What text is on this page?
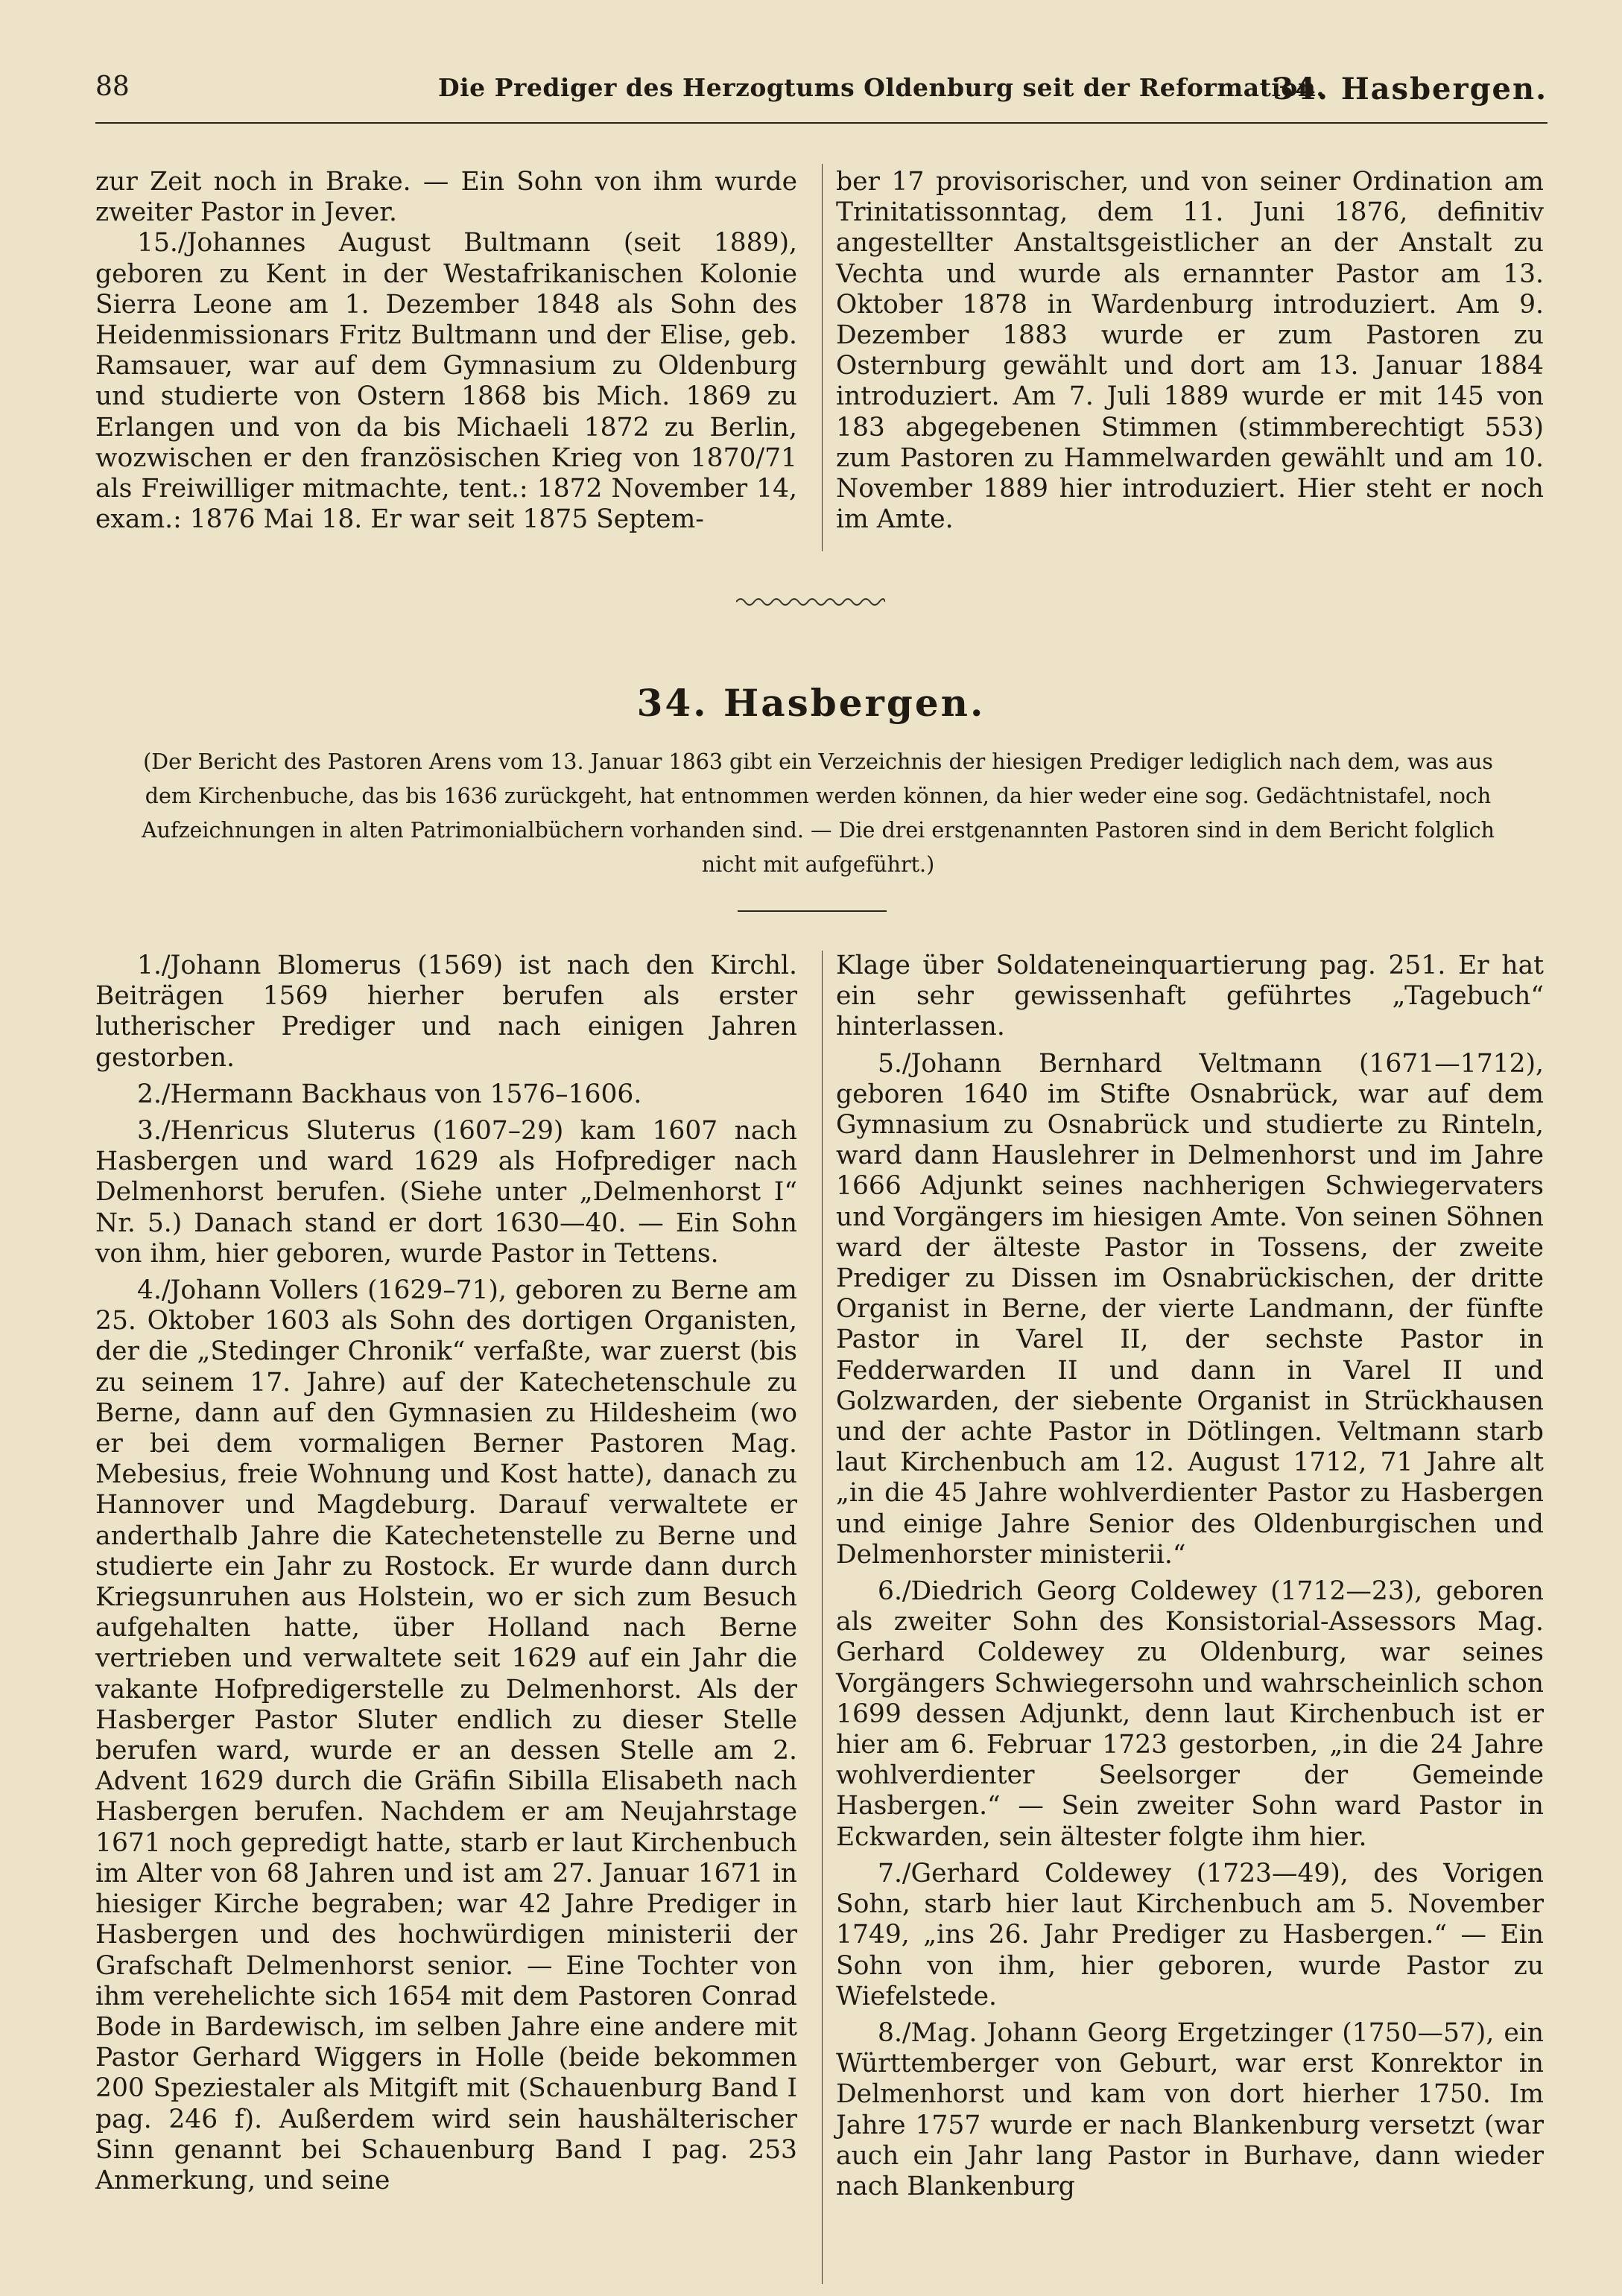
88	Die Prediger des Herzogtums Oldenburg seit der Reformation.
34. Hasbergen.

zur Zeit noch in Brake. — Ein Sohn von ihm wurde zweiter Pastor in Jever.

15./Johannes August Bultmann (seit 1889), geboren zu Kent in der Westafrikanischen Kolonie Sierra Leone am 1. Dezember 1848 als Sohn des Heidenmissionars Fritz Bultmann und der Elise, geb. Ramsauer, war auf dem Gymnasium zu Oldenburg und studierte von Ostern 1868 bis Mich. 1869 zu Erlangen und von da bis Michaeli 1872 zu Berlin, wozwischen er den französischen Krieg von 1870/71 als Freiwilliger mitmachte, tent.: 1872 November 14, exam.: 1876 Mai 18. Er war seit 1875 Septem-

ber 17 provisorischer, und von seiner Ordination am Trinitatissonntag, dem 11. Juni 1876, definitiv angestellter Anstaltsgeistlicher an der Anstalt zu Vechta und wurde als ernannter Pastor am 13. Oktober 1878 in Wardenburg introduziert. Am 9. Dezember 1883 wurde er zum Pastoren zu Osternburg gewählt und dort am 13. Januar 1884 introduziert. Am 7. Juli 1889 wurde er mit 145 von 183 abgegebenen Stimmen (stimmberechtigt 553) zum Pastoren zu Hammelwarden gewählt und am 10. November 1889 hier introduziert. Hier steht er noch im Amte.

34. Hasbergen.
(Der Bericht des Pastoren Arens vom 13. Januar 1863 gibt ein Verzeichnis der hiesigen Prediger lediglich nach dem, was aus dem Kirchenbuche, das bis 1636 zurückgeht, hat entnommen werden können, da hier weder eine sog. Gedächtnistafel, noch Aufzeichnungen in alten Patrimonialbüchern vorhanden sind. — Die drei erstgenannten Pastoren sind in dem Bericht folglich nicht mit aufgeführt.)

1./Johann Blomerus (1569) ist nach den Kirchl. Beiträgen 1569 hierher berufen als erster lutherischer Prediger und nach einigen Jahren gestorben.

2./Hermann Backhaus von 1576–1606.

3./Henricus Sluterus (1607–29) kam 1607 nach Hasbergen und ward 1629 als Hofprediger nach Delmenhorst berufen. (Siehe unter „Delmenhorst I“ Nr. 5.) Danach stand er dort 1630—40. — Ein Sohn von ihm, hier geboren, wurde Pastor in Tettens.

4./Johann Vollers (1629–71), geboren zu Berne am 25. Oktober 1603 als Sohn des dortigen Organisten, der die „Stedinger Chronik“ verfaßte, war zuerst (bis zu seinem 17. Jahre) auf der Katechetenschule zu Berne, dann auf den Gymnasien zu Hildesheim (wo er bei dem vormaligen Berner Pastoren Mag. Mebesius, freie Wohnung und Kost hatte), danach zu Hannover und Magdeburg. Darauf verwaltete er anderthalb Jahre die Katechetenstelle zu Berne und studierte ein Jahr zu Rostock. Er wurde dann durch Kriegsunruhen aus Holstein, wo er sich zum Besuch aufgehalten hatte, über Holland nach Berne vertrieben und verwaltete seit 1629 auf ein Jahr die vakante Hofpredigerstelle zu Delmenhorst. Als der Hasberger Pastor Sluter endlich zu dieser Stelle berufen ward, wurde er an dessen Stelle am 2. Advent 1629 durch die Gräfin Sibilla Elisabeth nach Hasbergen berufen. Nachdem er am Neujahrstage 1671 noch gepredigt hatte, starb er laut Kirchenbuch im Alter von 68 Jahren und ist am 27. Januar 1671 in hiesiger Kirche begraben; war 42 Jahre Prediger in Hasbergen und des hochwürdigen ministerii der Grafschaft Delmenhorst senior. — Eine Tochter von ihm verehelichte sich 1654 mit dem Pastoren Conrad Bode in Bardewisch, im selben Jahre eine andere mit Pastor Gerhard Wiggers in Holle (beide bekommen 200 Speziestaler als Mitgift mit (Schauenburg Band I pag. 246 f). Außerdem wird sein haushälterischer Sinn genannt bei Schauenburg Band I pag. 253 Anmerkung, und seine

Klage über Soldateneinquartierung pag. 251. Er hat ein sehr gewissenhaft geführtes „Tagebuch“ hinterlassen.

5./Johann Bernhard Veltmann (1671—1712), geboren 1640 im Stifte Osnabrück, war auf dem Gymnasium zu Osnabrück und studierte zu Rinteln, ward dann Hauslehrer in Delmenhorst und im Jahre 1666 Adjunkt seines nachherigen Schwiegervaters und Vorgängers im hiesigen Amte. Von seinen Söhnen ward der älteste Pastor in Tossens, der zweite Prediger zu Dissen im Osnabrückischen, der dritte Organist in Berne, der vierte Landmann, der fünfte Pastor in Varel II, der sechste Pastor in Fedderwarden II und dann in Varel II und Golzwarden, der siebente Organist in Strückhausen und der achte Pastor in Dötlingen. Veltmann starb laut Kirchenbuch am 12. August 1712, 71 Jahre alt „in die 45 Jahre wohlverdienter Pastor zu Hasbergen und einige Jahre Senior des Oldenburgischen und Delmenhorster ministerii.“

6./Diedrich Georg Coldewey (1712—23), geboren als zweiter Sohn des Konsistorial-Assessors Mag. Gerhard Coldewey zu Oldenburg, war seines Vorgängers Schwiegersohn und wahrscheinlich schon 1699 dessen Adjunkt, denn laut Kirchenbuch ist er hier am 6. Februar 1723 gestorben, „in die 24 Jahre wohlverdienter Seelsorger der Gemeinde Hasbergen.“ — Sein zweiter Sohn ward Pastor in Eckwarden, sein ältester folgte ihm hier.

7./Gerhard Coldewey (1723—49), des Vorigen Sohn, starb hier laut Kirchenbuch am 5. November 1749, „ins 26. Jahr Prediger zu Hasbergen.“ — Ein Sohn von ihm, hier geboren, wurde Pastor zu Wiefelstede.

8./Mag. Johann Georg Ergetzinger (1750—57), ein Württemberger von Geburt, war erst Konrektor in Delmenhorst und kam von dort hierher 1750. Im Jahre 1757 wurde er nach Blankenburg versetzt (war auch ein Jahr lang Pastor in Burhave, dann wieder nach Blankenburg
